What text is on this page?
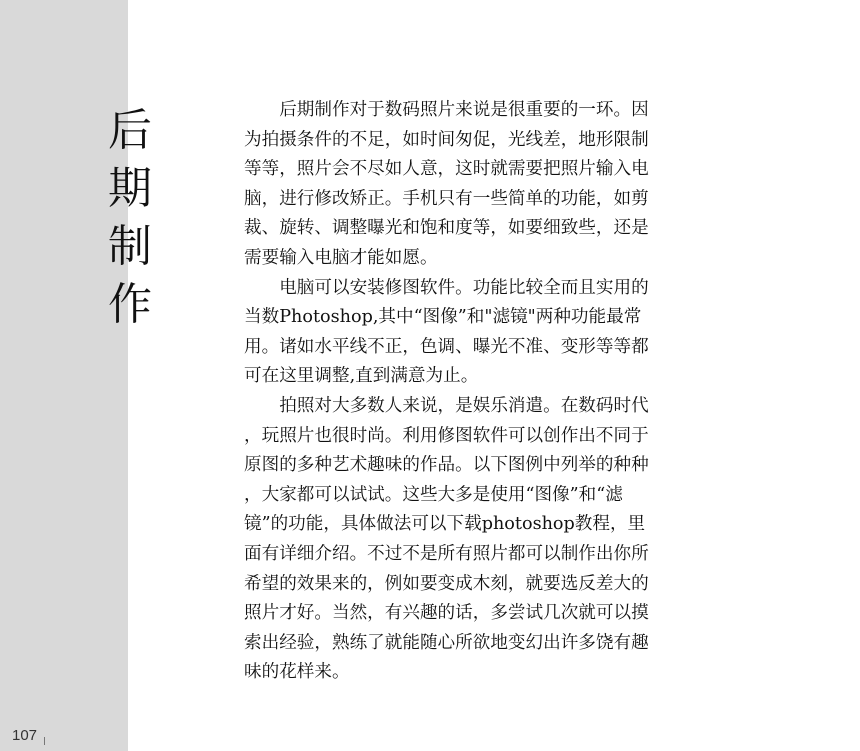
后
期
制
作

　　后期制作对于数码照片来说是很重要的一环。因
为拍摄条件的不足，如时间匆促，光线差，地形限制
等等，照片会不尽如人意，这时就需要把照片输入电
脑，进行修改矫正。手机只有一些简单的功能，如剪
裁、旋转、调整曝光和饱和度等，如要细致些，还是
需要输入电脑才能如愿。

　　电脑可以安装修图软件。功能比较全而且实用的
当数Photoshop,其中“图像”和"滤镜"两种功能最常
用。诸如水平线不正，色调、曝光不准、变形等等都
可在这里调整,直到满意为止。

　　拍照对大多数人来说，是娱乐消遣。在数码时代
，玩照片也很时尚。利用修图软件可以创作出不同于
原图的多种艺术趣味的作品。以下图例中列举的种种
，大家都可以试试。这些大多是使用“图像”和“滤
镜”的功能，具体做法可以下载photoshop教程，里
面有详细介绍。不过不是所有照片都可以制作出你所
希望的效果来的，例如要变成木刻，就要选反差大的
照片才好。当然，有兴趣的话，多尝试几次就可以摸
索出经验，熟练了就能随心所欲地变幻出许多饶有趣
味的花样来。

107
